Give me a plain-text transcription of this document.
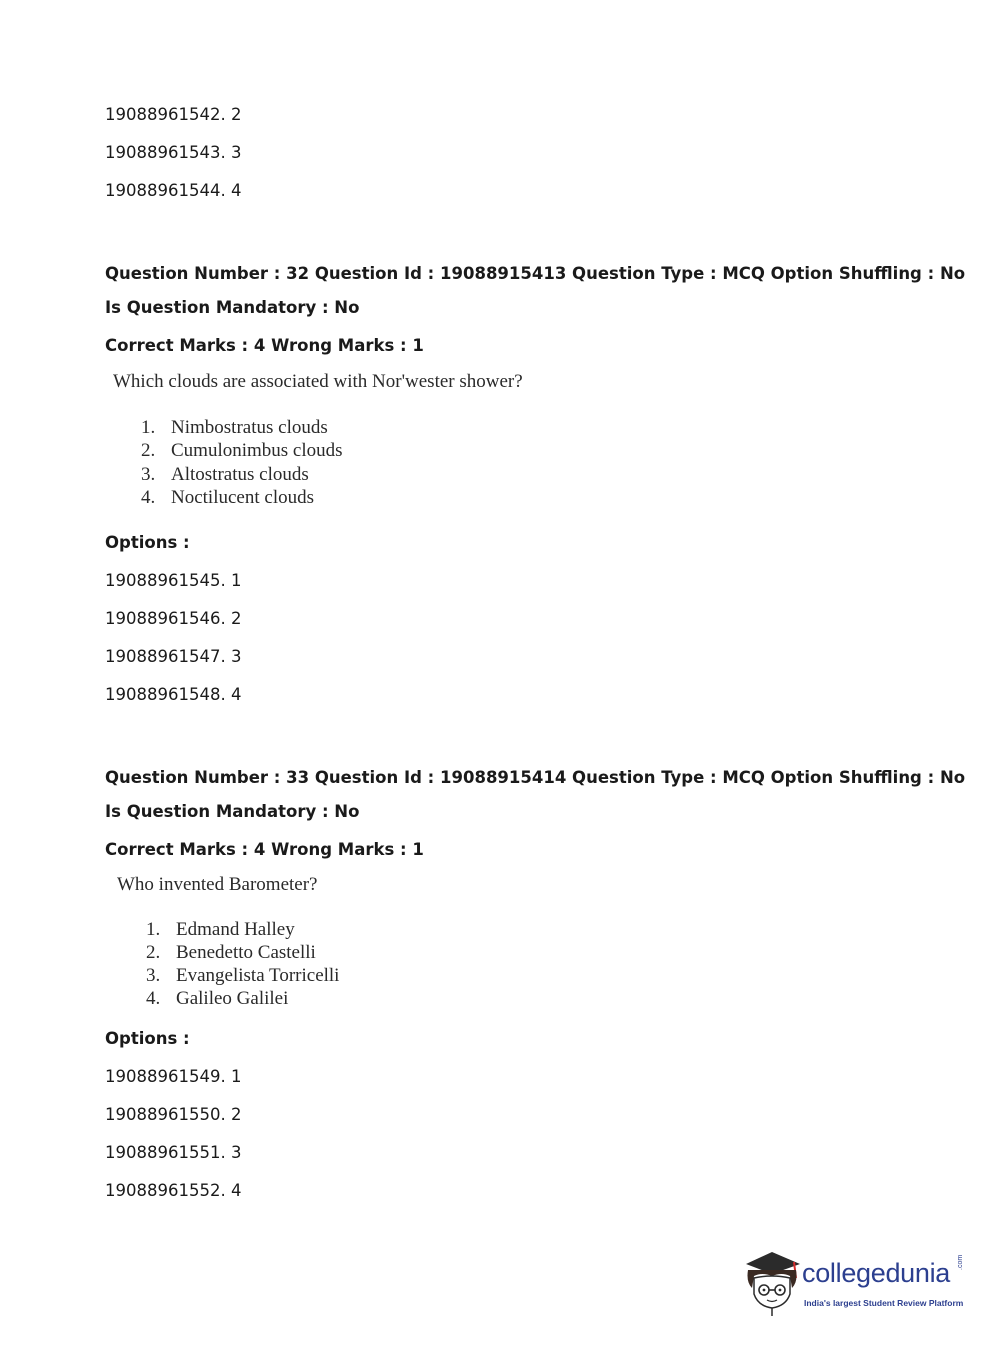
19088961542. 2
19088961543. 3
19088961544. 4
Question Number : 32 Question Id : 19088915413 Question Type : MCQ Option Shuffling : No
Is Question Mandatory : No
Correct Marks : 4 Wrong Marks : 1
Which clouds are associated with Nor'wester shower?
1. Nimbostratus clouds
2. Cumulonimbus clouds
3. Altostratus clouds
4. Noctilucent clouds
Options :
19088961545. 1
19088961546. 2
19088961547. 3
19088961548. 4
Question Number : 33 Question Id : 19088915414 Question Type : MCQ Option Shuffling : No
Is Question Mandatory : No
Correct Marks : 4 Wrong Marks : 1
Who invented Barometer?
1. Edmand Halley
2. Benedetto Castelli
3. Evangelista Torricelli
4. Galileo Galilei
Options :
19088961549. 1
19088961550. 2
19088961551. 3
19088961552. 4
collegedunia .com
India's largest Student Review Platform
